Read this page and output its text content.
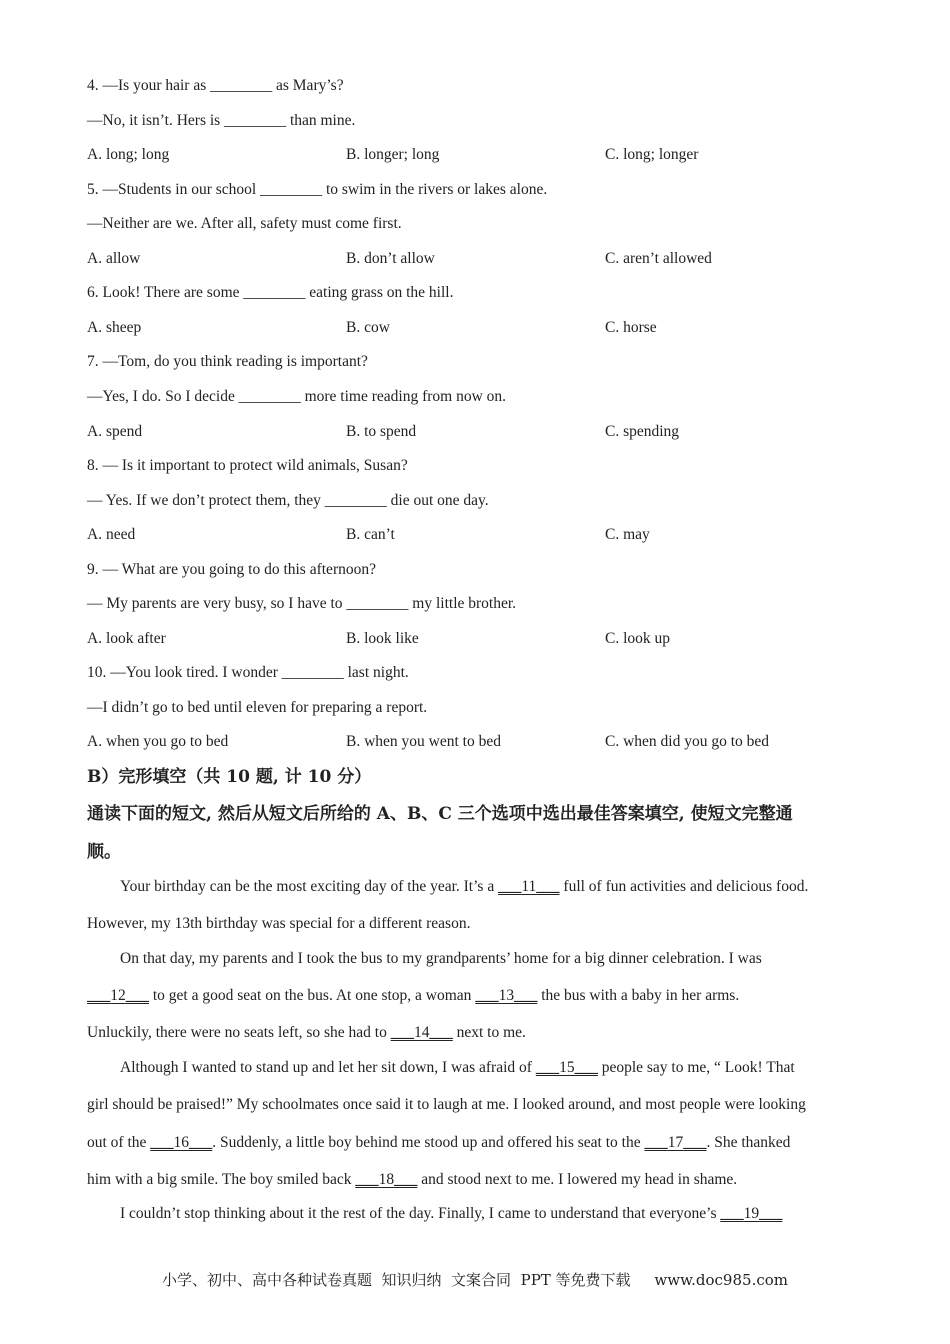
4. —Is your hair as ________ as Mary’s?
—No, it isn’t. Hers is ________ than mine.
A. long; long	B. longer; long	C. long; longer
5. —Students in our school ________ to swim in the rivers or lakes alone.
—Neither are we. After all, safety must come first.
A. allow	B. don’t allow	C. aren’t allowed
6. Look! There are some ________ eating grass on the hill.
A. sheep	B. cow	C. horse
7. —Tom, do you think reading is important?
—Yes, I do. So I decide ________ more time reading from now on.
A. spend	B. to spend	C. spending
8. — Is it important to protect wild animals, Susan?
— Yes. If we don’t protect them, they ________ die out one day.
A. need	B. can’t	C. may
9. — What are you going to do this afternoon?
— My parents are very busy, so I have to ________ my little brother.
A. look after	B. look like	C. look up
10. —You look tired. I wonder ________ last night.
—I didn’t go to bed until eleven for preparing a report.
A. when you go to bed	B. when you went to bed	C. when did you go to bed
B）完形填空（共 10 题, 计 10 分）
通读下面的短文, 然后从短文后所给的 A、B、C 三个选项中选出最佳答案填空, 使短文完整通
顺。
Your birthday can be the most exciting day of the year. It’s a ___11___ full of fun activities and delicious food.
However, my 13th birthday was special for a different reason.
On that day, my parents and I took the bus to my grandparents’ home for a big dinner celebration. I was
___12___ to get a good seat on the bus. At one stop, a woman ___13___ the bus with a baby in her arms.
Unluckily, there were no seats left, so she had to ___14___ next to me.
Although I wanted to stand up and let her sit down, I was afraid of ___15___ people say to me, “ Look! That
girl should be praised!” My schoolmates once said it to laugh at me. I looked around, and most people were looking
out of the ___16___. Suddenly, a little boy behind me stood up and offered his seat to the ___17___. She thanked
him with a big smile. The boy smiled back ___18___ and stood next to me. I lowered my head in shame.
I couldn’t stop thinking about it the rest of the day. Finally, I came to understand that everyone’s ___19___
小学、初中、高中各种试卷真题  知识归纳  文案合同  PPT 等免费下载     www.doc985.com
